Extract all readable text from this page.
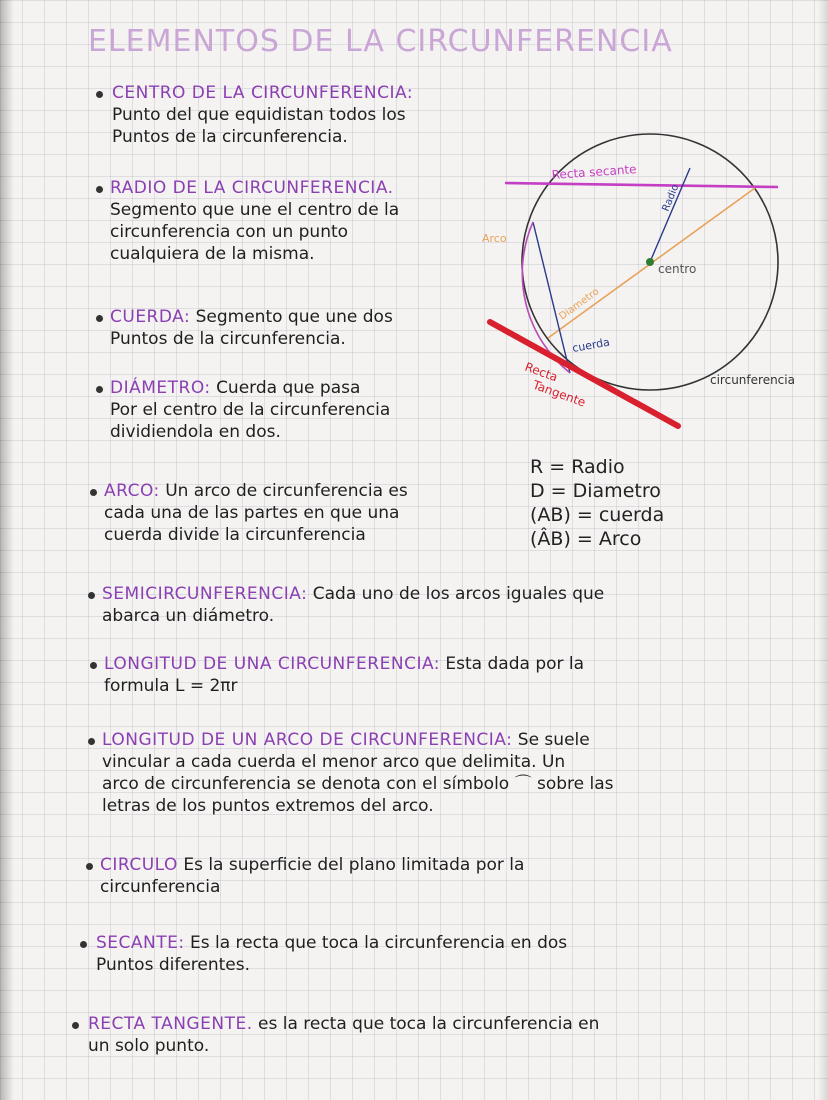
ELEMENTOS DE LA CIRCUNFERENCIA
CENTRO DE LA CIRCUNFERENCIA:
Punto del que equidistan todos los
Puntos de la circunferencia.
RADIO DE LA CIRCUNFERENCIA.
Segmento que une el centro de la
circunferencia con un punto
cualquiera de la misma.
CUERDA: Segmento que une dos
Puntos de la circunferencia.
DIÁMETRO: Cuerda que pasa
Por el centro de la circunferencia
dividiendola en dos.
ARCO: Un arco de circunferencia es
cada una de las partes en que una
cuerda divide la circunferencia
SEMICIRCUNFERENCIA: Cada uno de los arcos iguales que
abarca un diámetro.
LONGITUD DE UNA CIRCUNFERENCIA: Esta dada por la
formula L = 2πr
LONGITUD DE UN ARCO DE CIRCUNFERENCIA: Se suele
vincular a cada cuerda el menor arco que delimita. Un
arco de circunferencia se denota con el símbolo ⌒ sobre las
letras de los puntos extremos del arco.
CIRCULO Es la superficie del plano limitada por la
circunferencia
SECANTE: Es la recta que toca la circunferencia en dos
Puntos diferentes.
RECTA TANGENTE. es la recta que toca la circunferencia en
un solo punto.
Recta secante
Radio
centro
Diametro
cuerda
Arco
Recta
Tangente	circunferencia
R = Radio
D = Diametro
(AB) = cuerda
(ÂB) = Arco
